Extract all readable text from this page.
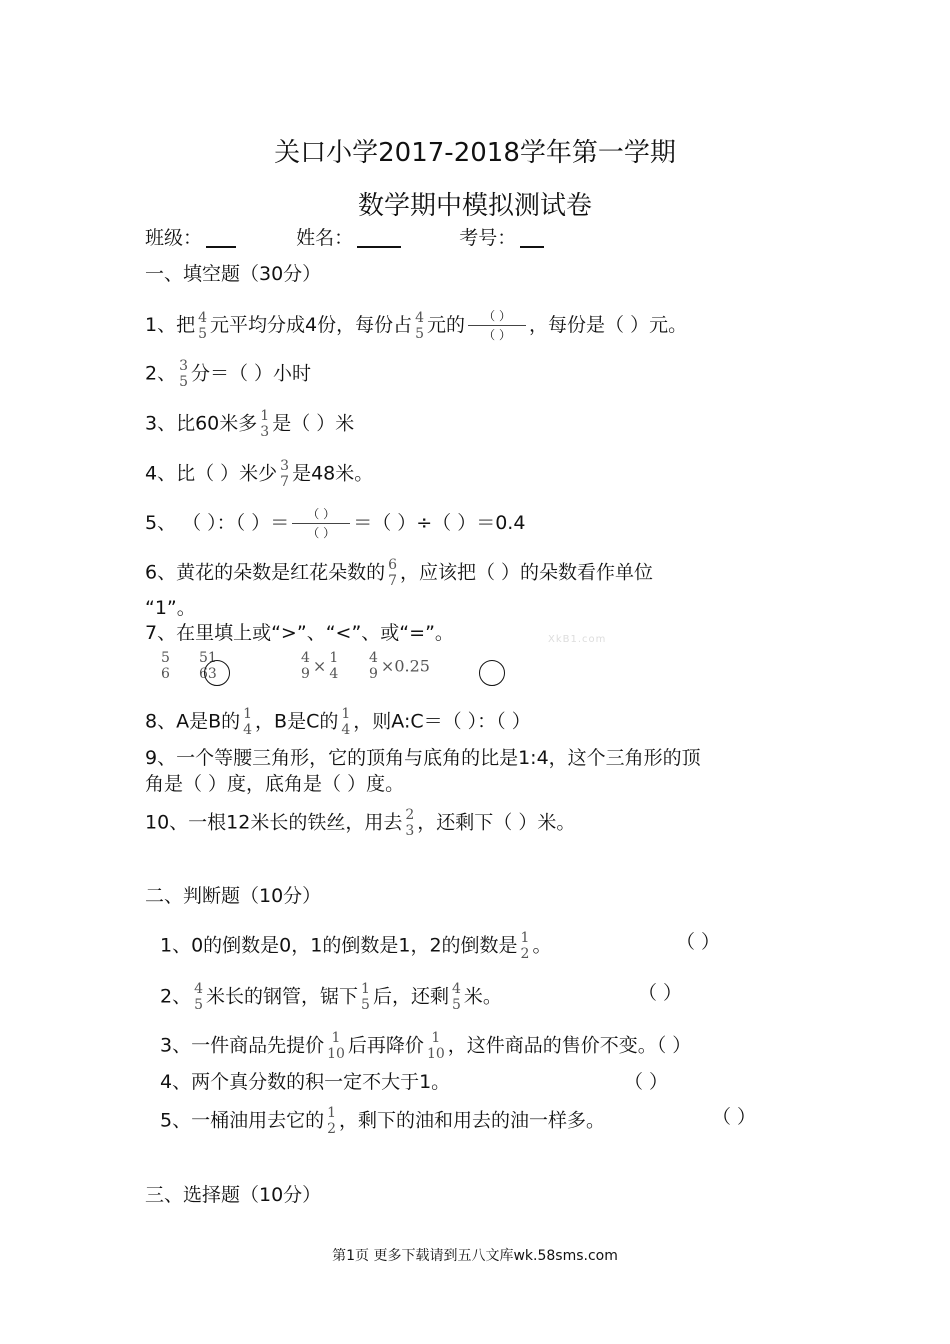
关口小学2017-2018学年第一学期
数学期中模拟测试卷
班级：	姓名：	考号：
一、填空题（30分）
1、把 4
5 元平均分成4份，每份占 4
5 元的	（ ）
（ ） ，每份是（ ）元。
2、 3
5 分＝（ ）小时
3、比60米多 1
3 是（ ）米
4、比（ ）米少 3
7 是48米。
5、 （ ）：（ ）＝	（ ）
（ ） ＝（ ）÷（ ）＝0.4
6、黄花的朵数是红花朵数的 6
7 ，应该把（ ）的朵数看作单位
“1”。
7、在里填上或“>”、“<”、或“=”。	XkB1.com
5
6
5
6
1
3
4
9 × 1
4
4
9 ×0.25
8、A是B的 1
4 ，B是C的 1
4 ，则A:C＝（ ）：（ ）
9、一个等腰三角形，它的顶角与底角的比是1:4，这个三角形的顶
角是（ ）度，底角是（ ）度。
10、一根12米长的铁丝，用去 2
3 ，还剩下（ ）米。
二、判断题（10分）
1、0的倒数是0，1的倒数是1，2的倒数是 1
2 。	（ ）
2、 4
5 米长的钢管，锯下 1
5 后，还剩 4
5 米。	（ ）
3、一件商品先提价 1
10 后再降价 1
10 ，这件商品的售价不变。（ ）
4、两个真分数的积一定不大于1。	（ ）
5、一桶油用去它的 1
2 ，剩下的油和用去的油一样多。	（ ）
三、选择题（10分）
第1页 更多下载请到五八文库wk.58sms.com
